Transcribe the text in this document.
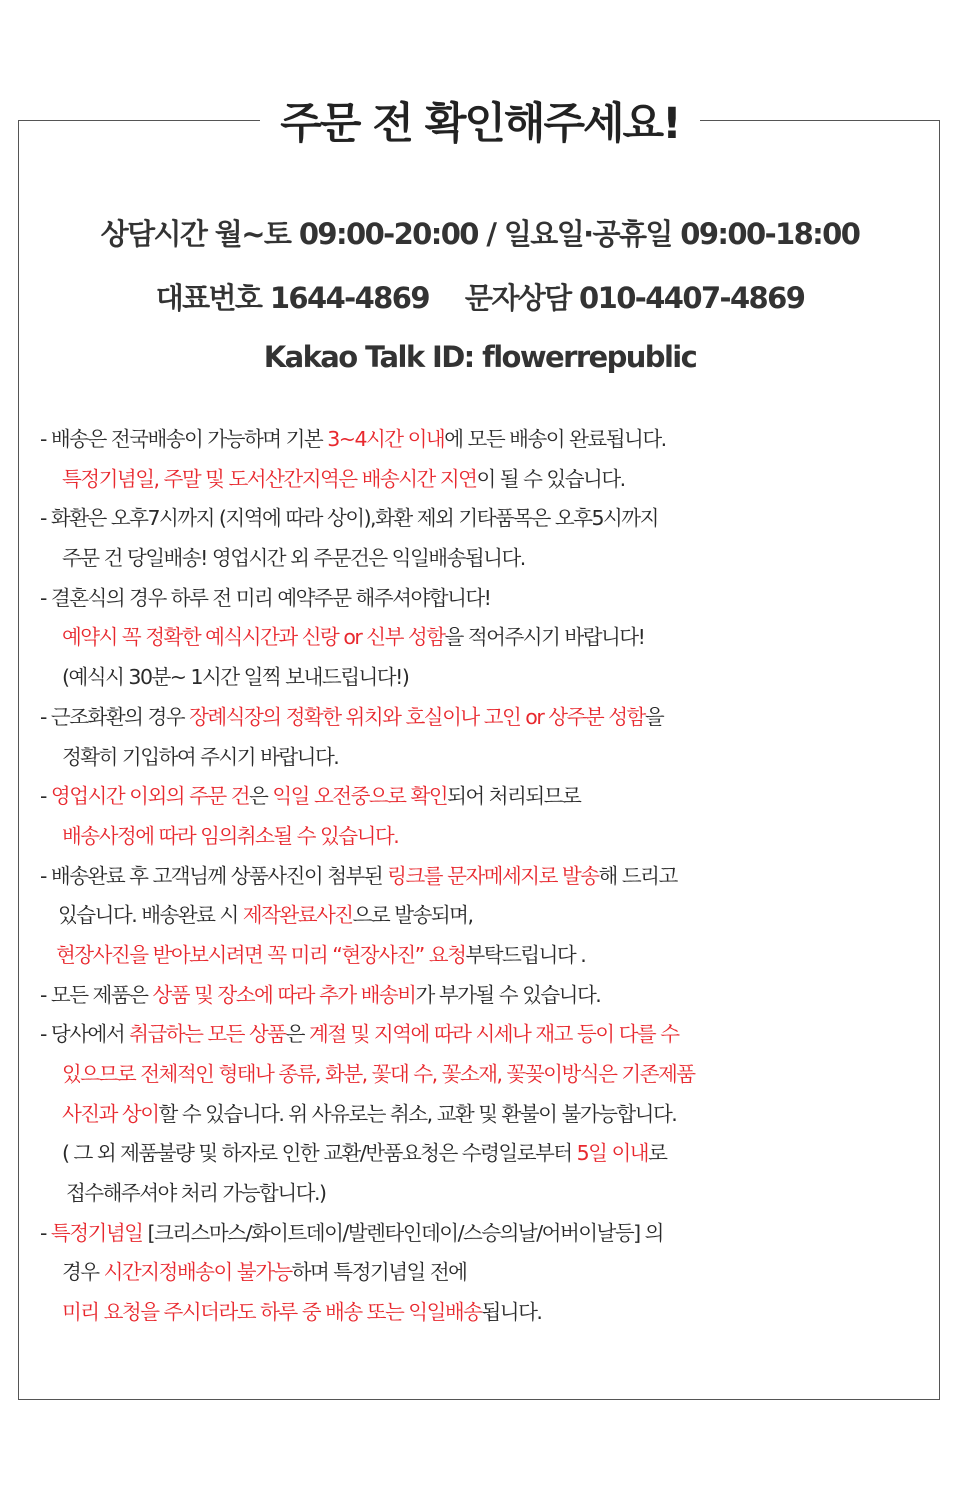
주문 전 확인해주세요!
상담시간 월~토 09:00-20:00 / 일요일·공휴일 09:00-18:00
대표번호 1644-4869 문자상담 010-4407-4869
Kakao Talk ID: flowerrepublic
- 배송은 전국배송이 가능하며 기본 3~4시간 이내에 모든 배송이 완료됩니다.
특정기념일, 주말 및 도서산간지역은 배송시간 지연이 될 수 있습니다.
- 화환은 오후7시까지 (지역에 따라 상이),화환 제외 기타품목은 오후5시까지
주문 건 당일배송! 영업시간 외 주문건은 익일배송됩니다.
- 결혼식의 경우 하루 전 미리 예약주문 해주셔야합니다!
예약시 꼭 정확한 예식시간과 신랑 or 신부 성함을 적어주시기 바랍니다!
(예식시 30분~ 1시간 일찍 보내드립니다!)
- 근조화환의 경우 장례식장의 정확한 위치와 호실이나 고인 or 상주분 성함을
정확히 기입하여 주시기 바랍니다.
- 영업시간 이외의 주문 건은 익일 오전중으로 확인되어 처리되므로
배송사정에 따라 임의취소될 수 있습니다.
- 배송완료 후 고객님께 상품사진이 첨부된 링크를 문자메세지로 발송해 드리고
있습니다. 배송완료 시 제작완료사진으로 발송되며,
현장사진을 받아보시려면 꼭 미리 “현장사진” 요청부탁드립니다 .
- 모든 제품은 상품 및 장소에 따라 추가 배송비가 부가될 수 있습니다.
- 당사에서 취급하는 모든 상품은 계절 및 지역에 따라 시세나 재고 등이 다를 수
있으므로 전체적인 형태나 종류, 화분, 꽃대 수, 꽃소재, 꽃꽂이방식은 기존제품
사진과 상이할 수 있습니다. 위 사유로는 취소, 교환 및 환불이 불가능합니다.
( 그 외 제품불량 및 하자로 인한 교환/반품요청은 수령일로부터 5일 이내로
접수해주셔야 처리 가능합니다.)
- 특정기념일 [크리스마스/화이트데이/발렌타인데이/스승의날/어버이날등] 의
경우 시간지정배송이 불가능하며 특정기념일 전에
미리 요청을 주시더라도 하루 중 배송 또는 익일배송됩니다.
